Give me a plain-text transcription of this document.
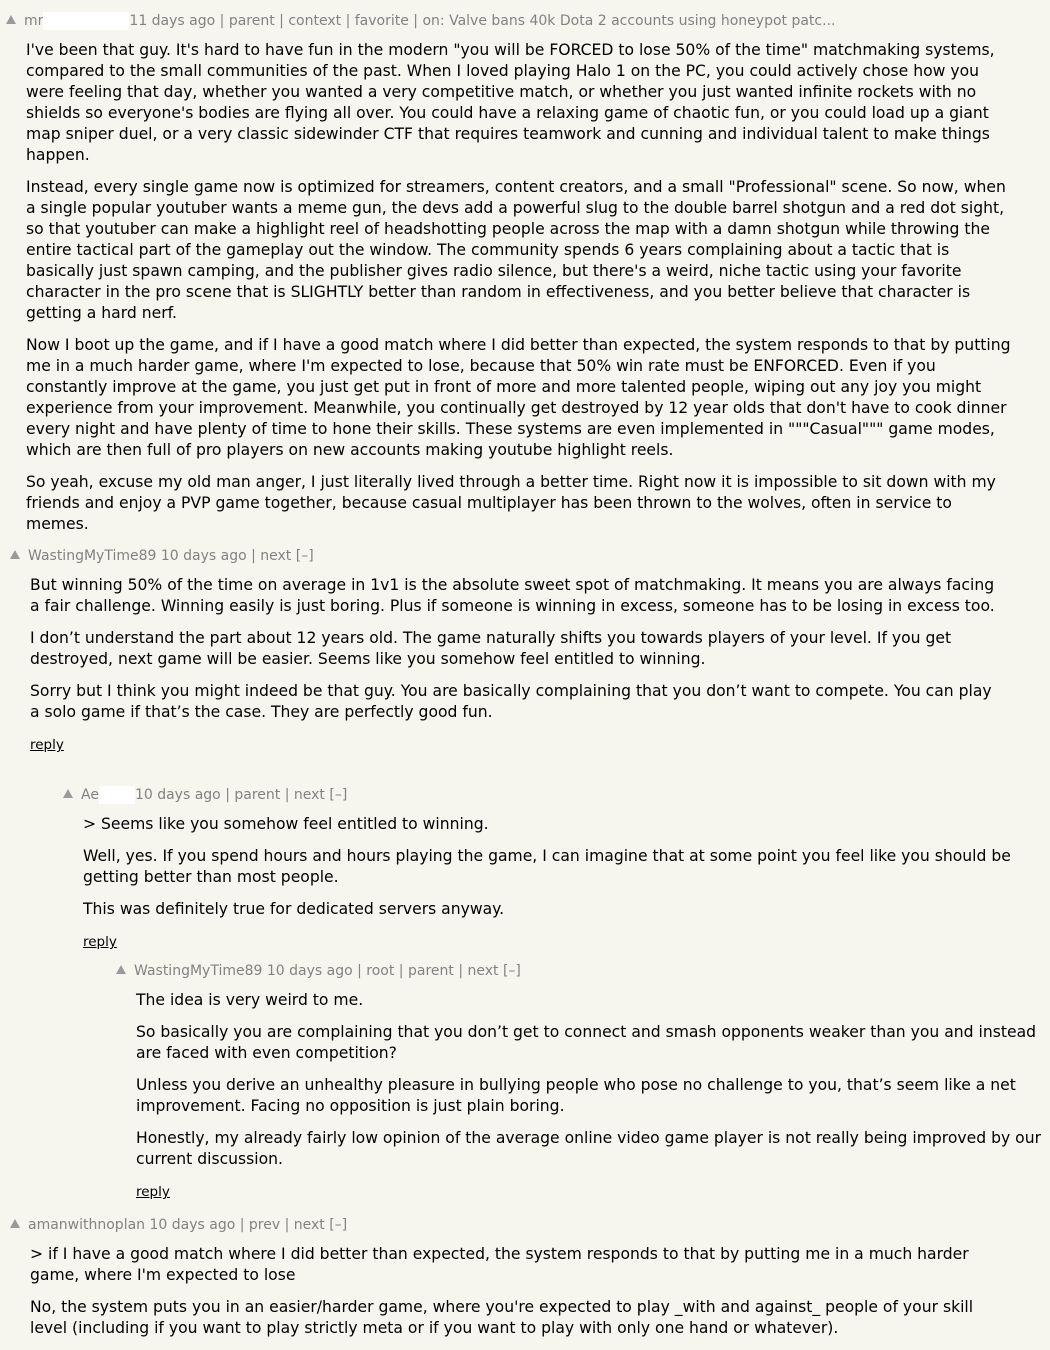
mr	11 days ago | parent | context | favorite | on: Valve bans 40k Dota 2 accounts using honeypot patc...

I've been that guy. It's hard to have fun in the modern "you will be FORCED to lose 50% of the time" matchmaking systems, compared to the small communities of the past. When I loved playing Halo 1 on the PC, you could actively chose how you were feeling that day, whether you wanted a very competitive match, or whether you just wanted infinite rockets with no shields so everyone's bodies are flying all over. You could have a relaxing game of chaotic fun, or you could load up a giant map sniper duel, or a very classic sidewinder CTF that requires teamwork and cunning and individual talent to make things happen.

Instead, every single game now is optimized for streamers, content creators, and a small "Professional" scene. So now, when a single popular youtuber wants a meme gun, the devs add a powerful slug to the double barrel shotgun and a red dot sight, so that youtuber can make a highlight reel of headshotting people across the map with a damn shotgun while throwing the entire tactical part of the gameplay out the window. The community spends 6 years complaining about a tactic that is basically just spawn camping, and the publisher gives radio silence, but there's a weird, niche tactic using your favorite character in the pro scene that is SLIGHTLY better than random in effectiveness, and you better believe that character is getting a hard nerf.

Now I boot up the game, and if I have a good match where I did better than expected, the system responds to that by putting me in a much harder game, where I'm expected to lose, because that 50% win rate must be ENFORCED. Even if you constantly improve at the game, you just get put in front of more and more talented people, wiping out any joy you might experience from your improvement. Meanwhile, you continually get destroyed by 12 year olds that don't have to cook dinner every night and have plenty of time to hone their skills. These systems are even implemented in """Casual""" game modes, which are then full of pro players on new accounts making youtube highlight reels.

So yeah, excuse my old man anger, I just literally lived through a better time. Right now it is impossible to sit down with my friends and enjoy a PVP game together, because casual multiplayer has been thrown to the wolves, often in service to memes.

WastingMyTime89 10 days ago | next [–]

But winning 50% of the time on average in 1v1 is the absolute sweet spot of matchmaking. It means you are always facing a fair challenge. Winning easily is just boring. Plus if someone is winning in excess, someone has to be losing in excess too.

I don’t understand the part about 12 years old. The game naturally shifts you towards players of your level. If you get destroyed, next game will be easier. Seems like you somehow feel entitled to winning.

Sorry but I think you might indeed be that guy. You are basically complaining that you don’t want to compete. You can play a solo game if that’s the case. They are perfectly good fun.

reply
Ae	10 days ago | parent | next [–]

> Seems like you somehow feel entitled to winning.

Well, yes. If you spend hours and hours playing the game, I can imagine that at some point you feel like you should be getting better than most people.

This was definitely true for dedicated servers anyway.

reply
WastingMyTime89 10 days ago | root | parent | next [–]

The idea is very weird to me.

So basically you are complaining that you don’t get to connect and smash opponents weaker than you and instead are faced with even competition?

Unless you derive an unhealthy pleasure in bullying people who pose no challenge to you, that’s seem like a net improvement. Facing no opposition is just plain boring.

Honestly, my already fairly low opinion of the average online video game player is not really being improved by our current discussion.

reply
amanwithnoplan 10 days ago | prev | next [–]

> if I have a good match where I did better than expected, the system responds to that by putting me in a much harder game, where I'm expected to lose

No, the system puts you in an easier/harder game, where you're expected to play _with and against_ people of your skill level (including if you want to play strictly meta or if you want to play with only one hand or whatever).
